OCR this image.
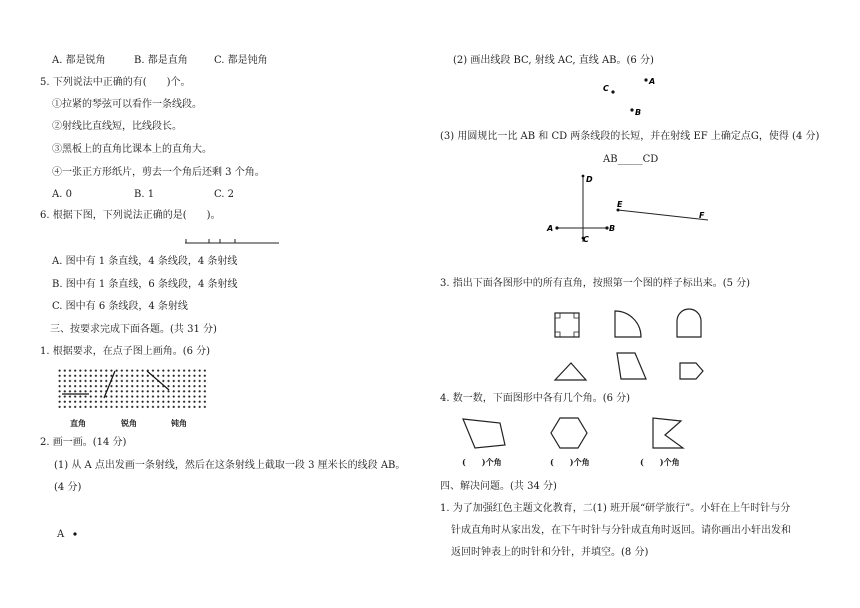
A. 都是锐角	B. 都是直角	C. 都是钝角
5. 下列说法中正确的有(　　)个。
①拉紧的琴弦可以看作一条线段。
②射线比直线短，比线段长。
③黑板上的直角比课本上的直角大。
④一张正方形纸片，剪去一个角后还剩 3 个角。
A. 0	B. 1	C. 2
6. 根据下图，下列说法正确的是(　　)。
A. 图中有 1 条直线，4 条线段，4 条射线
B. 图中有 1 条直线，6 条线段，4 条射线
C. 图中有 6 条线段，4 条射线
三、按要求完成下面各题。(共 31 分)
1. 根据要求，在点子图上画角。(6 分)
直角	锐角	钝角
2. 画一画。(14 分)
(1) 从 A 点出发画一条射线，然后在这条射线上截取一段 3 厘米长的线段 AB。
(4 分)
A
(2) 画出线段 BC, 射线 AC, 直线 AB。(6 分)
A
C
B
(3) 用圆规比一比 AB 和 CD 两条线段的长短，并在射线 EF 上确定点G，使得 (4 分)
AB_____CD
A	B
C
D
E
F
3. 指出下面各图形中的所有直角，按照第一个图的样子标出来。(5 分)
4. 数一数，下面图形中各有几个角。(6 分)
(　　)个角	(　　)个角	(　　)个角
四、解决问题。(共 34 分)
1. 为了加强红色主题文化教育，二(1) 班开展“研学旅行”。小轩在上午时针与分
针成直角时从家出发，在下午时针与分针成直角时返回。请你画出小轩出发和
返回时钟表上的时针和分针，并填空。(8 分)
